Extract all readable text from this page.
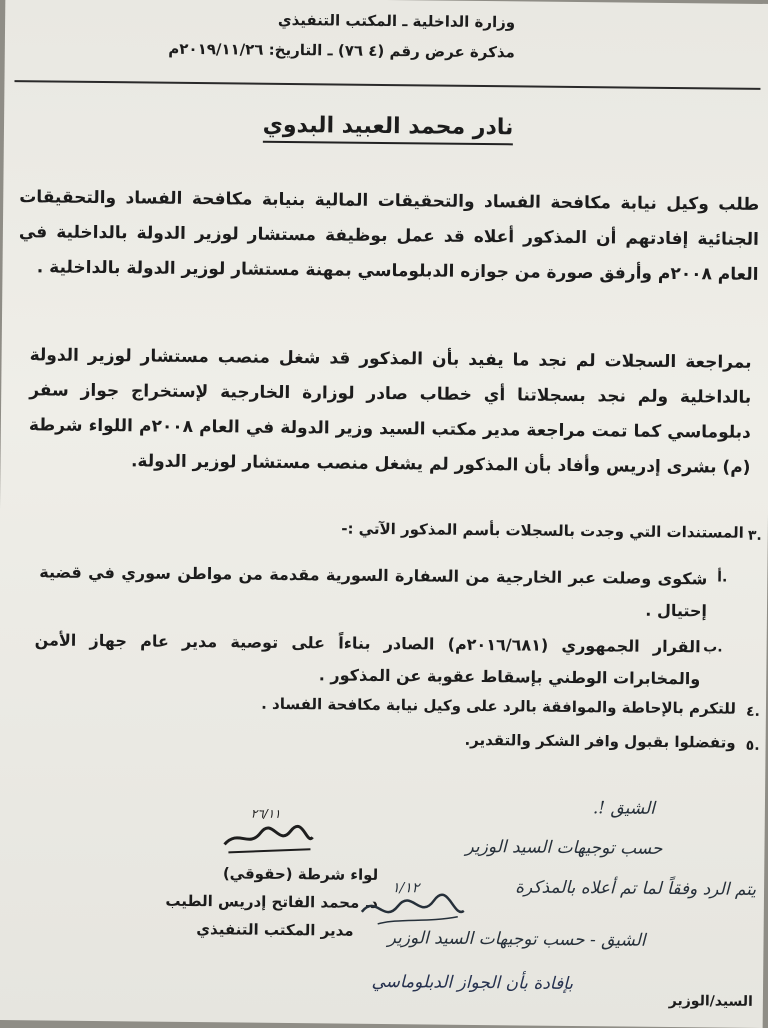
وزارة الداخلية ـ المكتب التنفيذي
مذكرة عرض رقم (٤ ٧٦) ـ التاريخ: ٢٠١٩/١١/٢٦م
نادر محمد العبيد البدوي
طلب وكيل نيابة مكافحة الفساد والتحقيقات المالية بنيابة مكافحة الفساد والتحقيقات الجنائية إفادتهم أن المذكور أعلاه قد عمل بوظيفة مستشار لوزير الدولة بالداخلية في العام ٢٠٠٨م وأرفق صورة من جوازه الدبلوماسي بمهنة مستشار لوزير الدولة بالداخلية .
بمراجعة السجلات لم نجد ما يفيد بأن المذكور قد شغل منصب مستشار لوزير الدولة بالداخلية ولم نجد بسجلاتنا أي خطاب صادر لوزارة الخارجية لإستخراج جواز سفر دبلوماسي كما تمت مراجعة مدير مكتب السيد وزير الدولة في العام ٢٠٠٨م اللواء شرطة (م) بشرى إدريس وأفاد بأن المذكور لم يشغل منصب مستشار لوزير الدولة.
٣.
المستندات التي وجدت بالسجلات بأسم المذكور الآتي :-
أ.
شكوى وصلت عبر الخارجية من السفارة السورية مقدمة من مواطن سوري في قضية إحتيال .
ب.
القرار الجمهوري (٢٠١٦/٦٨١م) الصادر بناءاً على توصية مدير عام جهاز الأمن والمخابرات الوطني بإسقاط عقوبة عن المذكور .
٤.
للتكرم بالإحاطة والموافقة بالرد على وكيل نيابة مكافحة الفساد .
٥.
وتفضلوا بقبول وافر الشكر والتقدير.
٢٦/١١
لواء شرطة (حقوقي)
د. محمد الفاتح إدريس الطيب
مدير المكتب التنفيذي
الشيق !.
حسب توجيهات السيد الوزير
يتم الرد وفقاً لما تم أعلاه بالمذكرة
الشيق - حسب توجيهات السيد الوزير
بإفادة بأن الجواز الدبلوماسي
١/١٢
السيد/الوزير
